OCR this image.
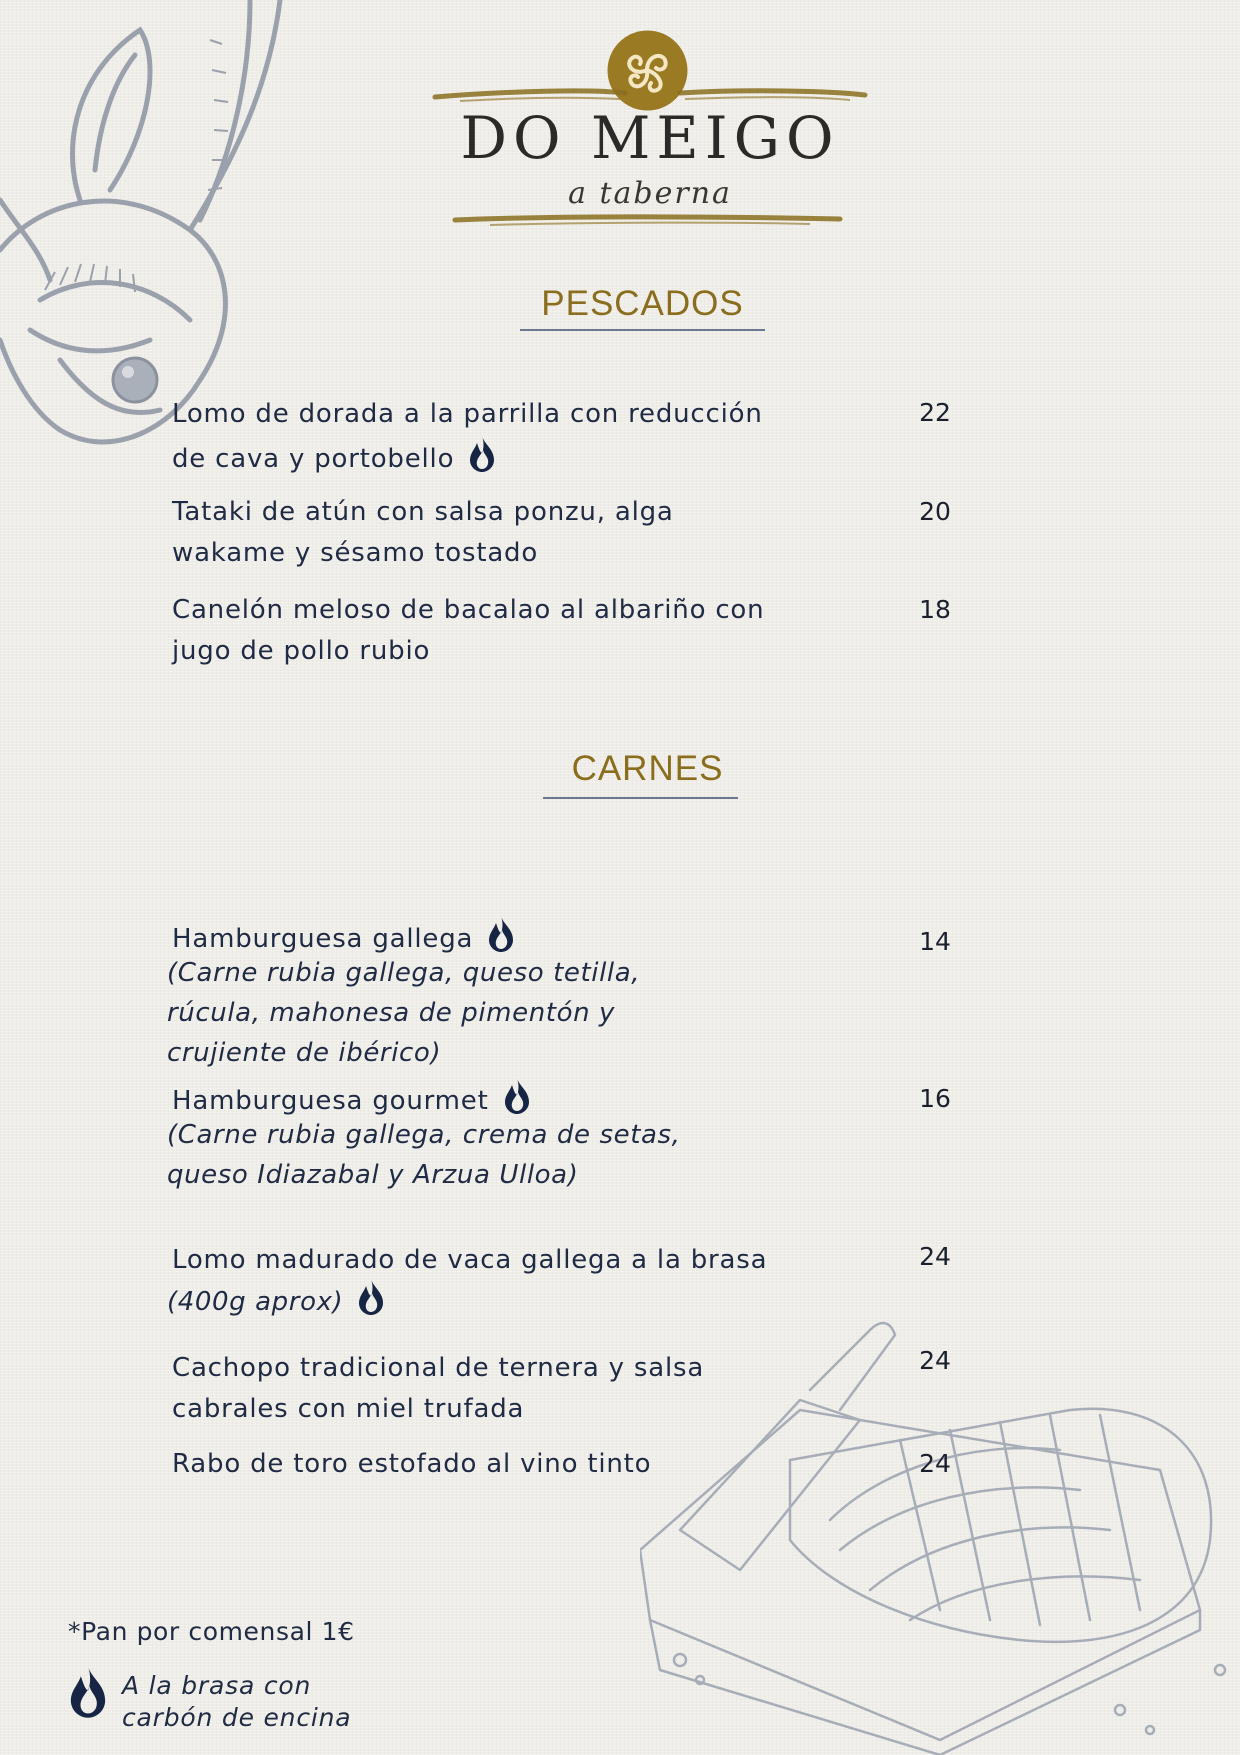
DO MEIGO
a taberna
PESCADOS
Lomo de dorada a la parrilla con reducción
de cava y portobello
22
Tataki de atún con salsa ponzu, alga
wakame y sésamo tostado
20
Canelón meloso de bacalao al albariño con
jugo de pollo rubio
18
CARNES
Hamburguesa gallega
(Carne rubia gallega, queso tetilla,
rúcula, mahonesa de pimentón y
crujiente de ibérico)
14
Hamburguesa gourmet
(Carne rubia gallega, crema de setas,
queso Idiazabal y Arzua Ulloa)
16
Lomo madurado de vaca gallega a la brasa
(400g aprox)
24
Cachopo tradicional de ternera y salsa
cabrales con miel trufada
24
Rabo de toro estofado al vino tinto	24
*Pan por comensal 1€
A la brasa con
carbón de encina
